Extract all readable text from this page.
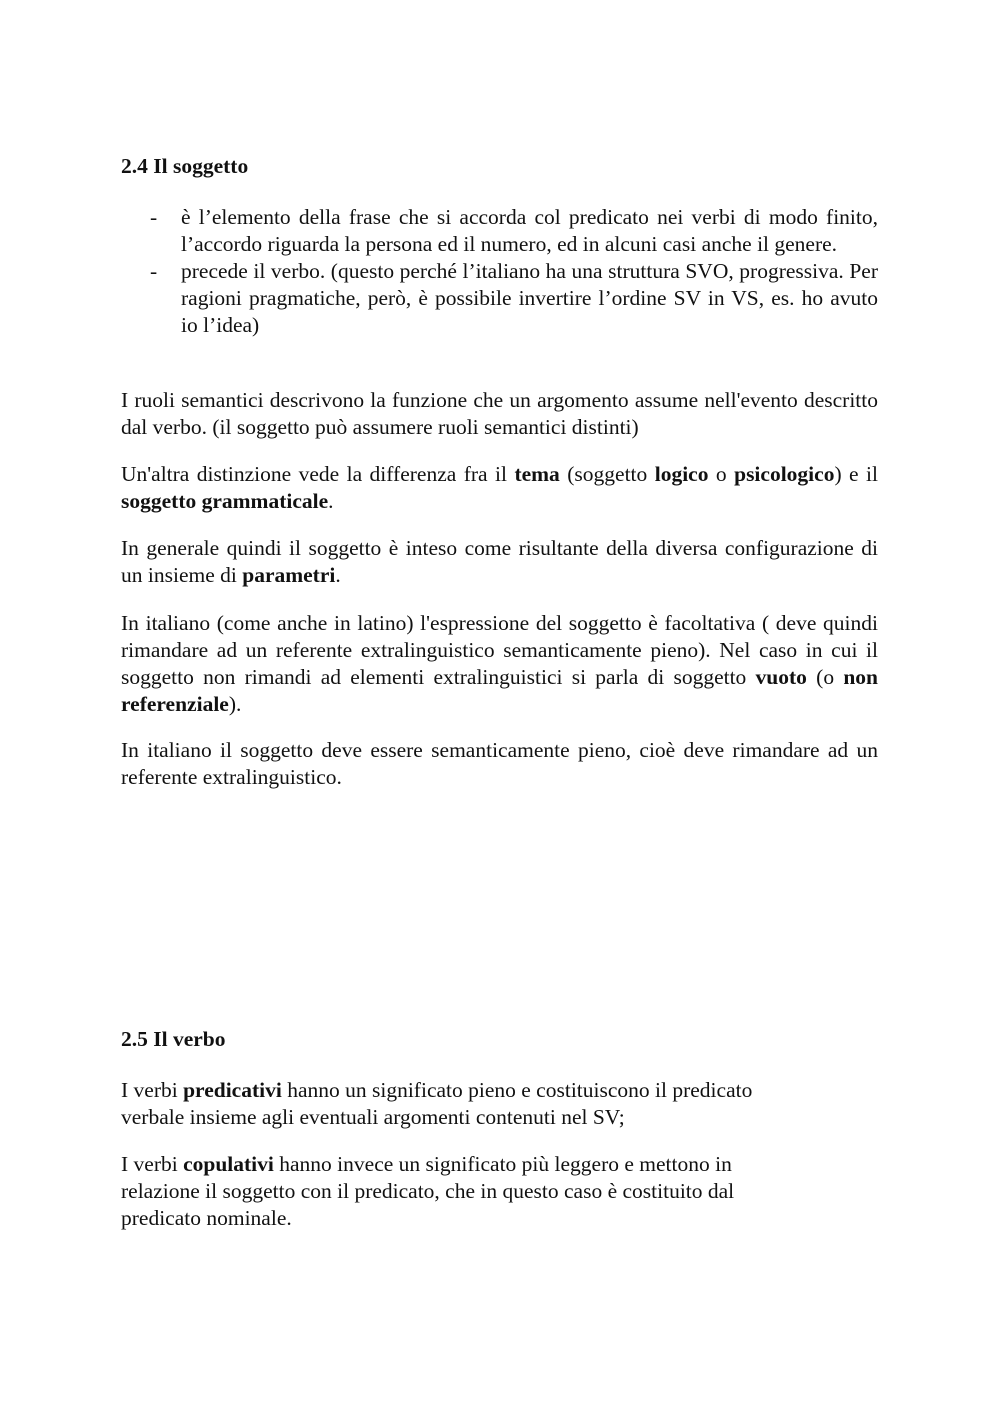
2.4 Il soggetto
- è l’elemento della frase che si accorda col predicato nei verbi di modo finito, l’accordo riguarda la persona ed il numero, ed in alcuni casi anche il genere.
- precede il verbo. (questo perché l’italiano ha una struttura SVO, progressiva. Per ragioni pragmatiche, però, è possibile invertire l’ordine SV in VS, es. ho avuto io l’idea)

I ruoli semantici descrivono la funzione che un argomento assume nell'evento descritto dal verbo. (il soggetto può assumere ruoli semantici distinti)

Un'altra distinzione vede la differenza fra il tema (soggetto logico o psicologico) e il soggetto grammaticale.

In generale quindi il soggetto è inteso come risultante della diversa configurazione di un insieme di parametri.

In italiano (come anche in latino) l'espressione del soggetto è facoltativa ( deve quindi rimandare ad un referente extralinguistico semanticamente pieno). Nel caso in cui il soggetto non rimandi ad elementi extralinguistici si parla di soggetto vuoto (o non referenziale).

In italiano il soggetto deve essere semanticamente pieno, cioè deve rimandare ad un referente extralinguistico.

2.5 Il verbo

I verbi predicativi hanno un significato pieno e costituiscono il predicato
verbale insieme agli eventuali argomenti contenuti nel SV;

I verbi copulativi hanno invece un significato più leggero e mettono in
relazione il soggetto con il predicato, che in questo caso è costituito dal
predicato nominale.
